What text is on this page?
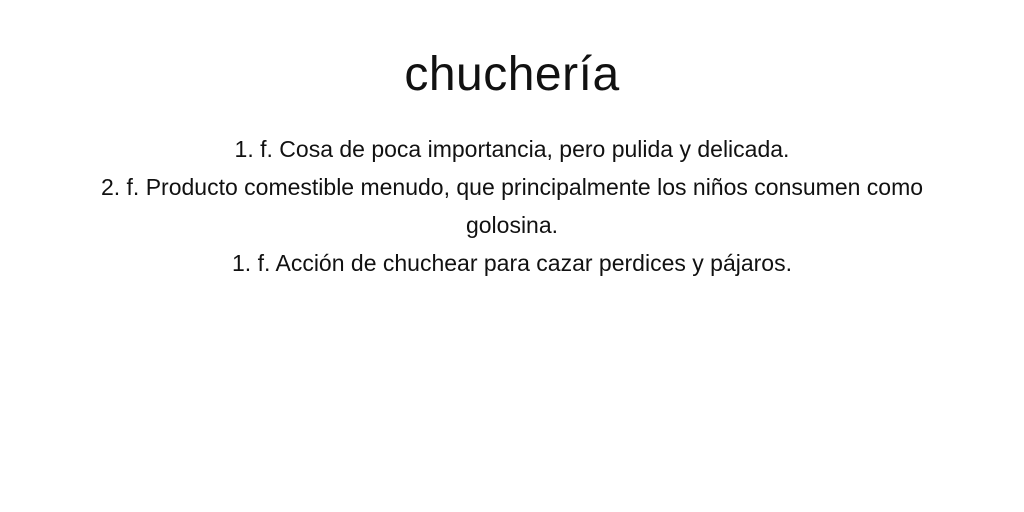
chuchería
1. f. Cosa de poca importancia, pero pulida y delicada.
2. f. Producto comestible menudo, que principalmente los niños consumen como golosina.
1. f. Acción de chuchear para cazar perdices y pájaros.
